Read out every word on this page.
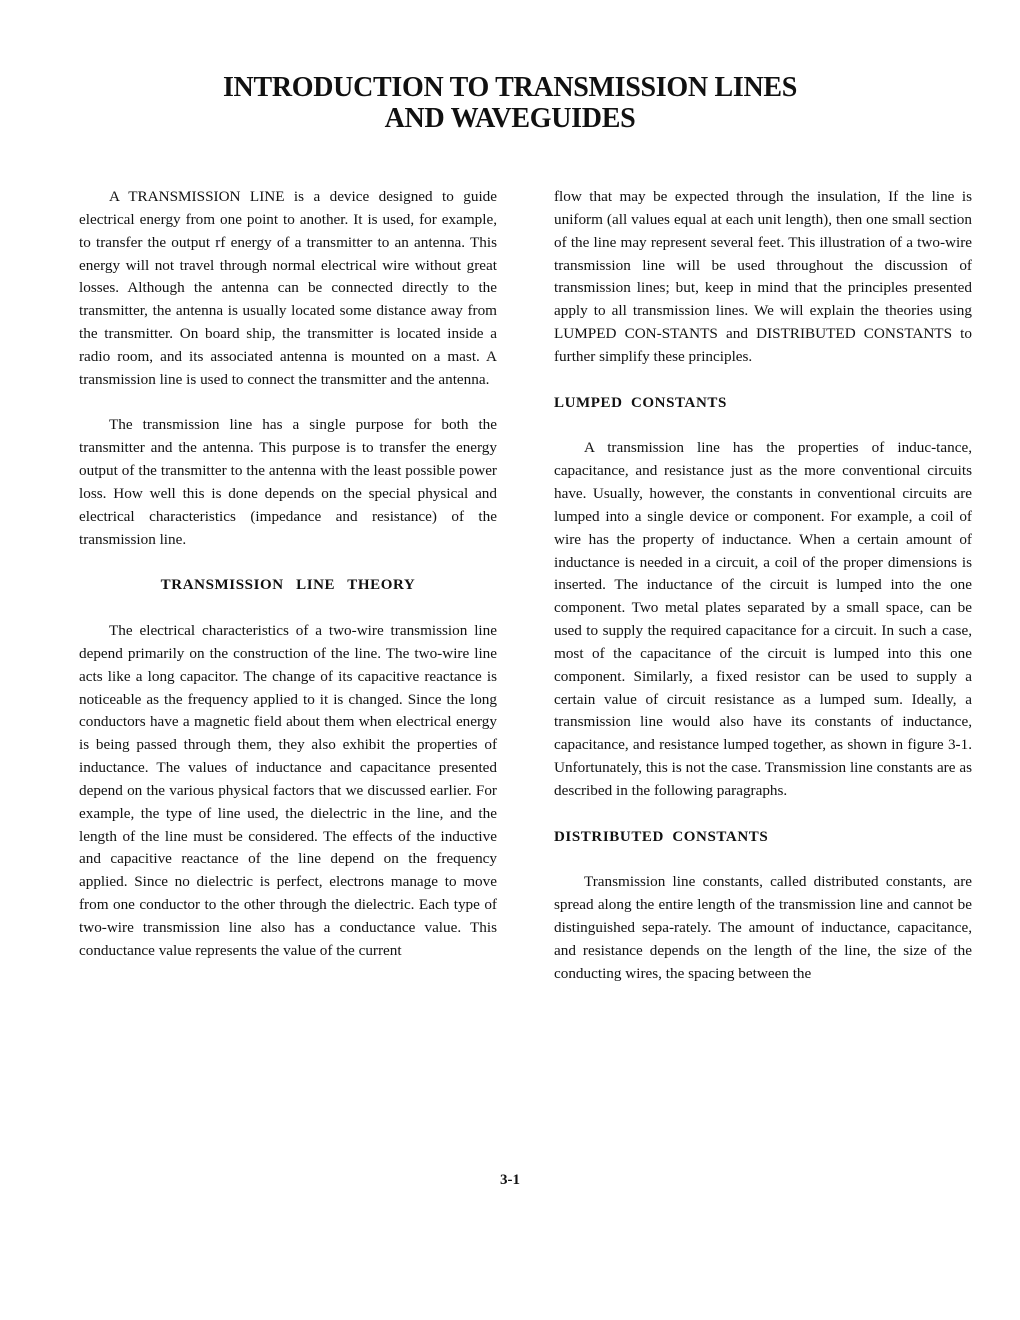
INTRODUCTION TO TRANSMISSION LINES
AND WAVEGUIDES

A TRANSMISSION LINE is a device designed to guide electrical energy from one point to another. It is used, for example, to transfer the output rf energy of a transmitter to an antenna. This energy will not travel through normal electrical wire without great losses. Although the antenna can be connected directly to the transmitter, the antenna is usually located some distance away from the transmitter. On board ship, the transmitter is located inside a radio room, and its associated antenna is mounted on a mast. A transmission line is used to connect the transmitter and the antenna.

The transmission line has a single purpose for both the transmitter and the antenna. This purpose is to transfer the energy output of the transmitter to the antenna with the least possible power loss. How well this is done depends on the special physical and electrical characteristics (impedance and resistance) of the transmission line.

TRANSMISSION LINE THEORY

The electrical characteristics of a two-wire transmission line depend primarily on the construction of the line. The two-wire line acts like a long capacitor. The change of its capacitive reactance is noticeable as the frequency applied to it is changed. Since the long conductors have a magnetic field about them when electrical energy is being passed through them, they also exhibit the properties of inductance. The values of inductance and capacitance presented depend on the various physical factors that we discussed earlier. For example, the type of line used, the dielectric in the line, and the length of the line must be considered. The effects of the inductive and capacitive reactance of the line depend on the frequency applied. Since no dielectric is perfect, electrons manage to move from one conductor to the other through the dielectric. Each type of two-wire transmission line also has a conductance value. This conductance value represents the value of the current

flow that may be expected through the insulation, If the line is uniform (all values equal at each unit length), then one small section of the line may represent several feet. This illustration of a two-wire transmission line will be used throughout the discussion of transmission lines; but, keep in mind that the principles presented apply to all transmission lines. We will explain the theories using LUMPED CON-STANTS and DISTRIBUTED CONSTANTS to further simplify these principles.

LUMPED CONSTANTS

A transmission line has the properties of induc-tance, capacitance, and resistance just as the more conventional circuits have. Usually, however, the constants in conventional circuits are lumped into a single device or component. For example, a coil of wire has the property of inductance. When a certain amount of inductance is needed in a circuit, a coil of the proper dimensions is inserted. The inductance of the circuit is lumped into the one component. Two metal plates separated by a small space, can be used to supply the required capacitance for a circuit. In such a case, most of the capacitance of the circuit is lumped into this one component. Similarly, a fixed resistor can be used to supply a certain value of circuit resistance as a lumped sum. Ideally, a transmission line would also have its constants of inductance, capacitance, and resistance lumped together, as shown in figure 3-1. Unfortunately, this is not the case. Transmission line constants are as described in the following paragraphs.

DISTRIBUTED CONSTANTS

Transmission line constants, called distributed constants, are spread along the entire length of the transmission line and cannot be distinguished sepa-rately. The amount of inductance, capacitance, and resistance depends on the length of the line, the size of the conducting wires, the spacing between the

3-1
